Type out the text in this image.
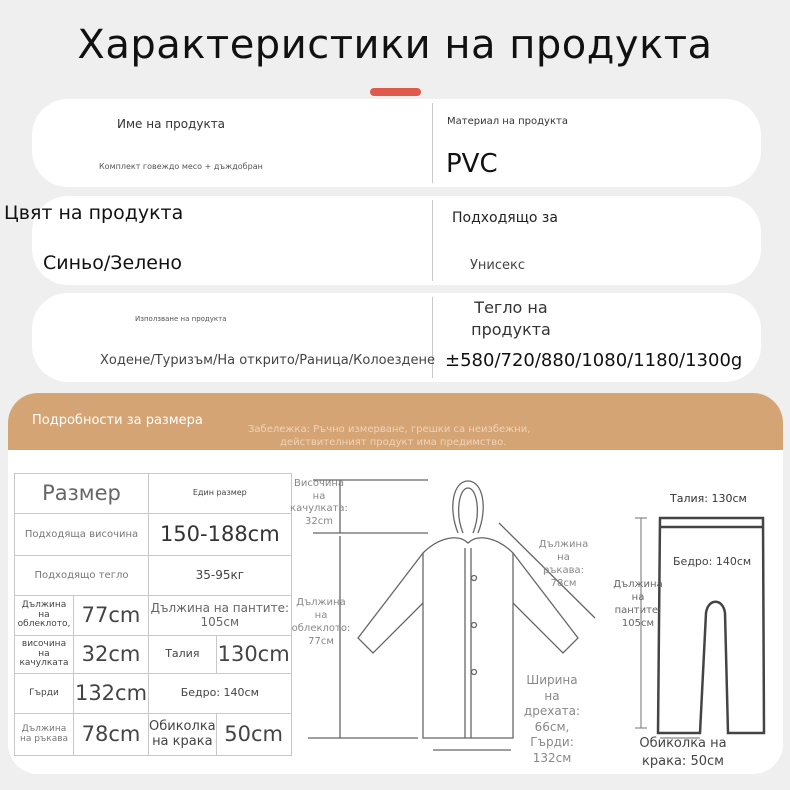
Характеристики на продукта
Име на продукта
Комплект говеждо месо + дъждобран
Материал на продукта
PVC
Цвят на продукта
Синьо/Зелено
Подходящо за
Унисекс
Използване на продукта
Ходене/Туризъм/На открито/Раница/Колоездене
Тегло на продукта
±580/720/880/1080/1180/1300g
Подробности за размера
Забележка: Ръчно измерване, грешки са неизбежни,
действителният продукт има предимство.
Размер		Един размер	
Подходяща височина		150-188cm	
Подходящо тегло		35-95кг	
Дължина на облеклото,	77cm	Дължина на пантите: 105см	
височина на качулката	32cm	Талия	130cm
Гърди	132cm	Бедро: 140см	
Дължина на ръкава	78cm	Обиколка на крака	50cm
Височина на качулката: 32cm
Дължина на ръкава: 78см
Дължина на облеклото: 77см
Ширина на дрехата: 66см, Гърди: 132см
Талия: 130см
Бедро: 140см
Дължина на пантите: 105см
Обиколка на крака: 50см
